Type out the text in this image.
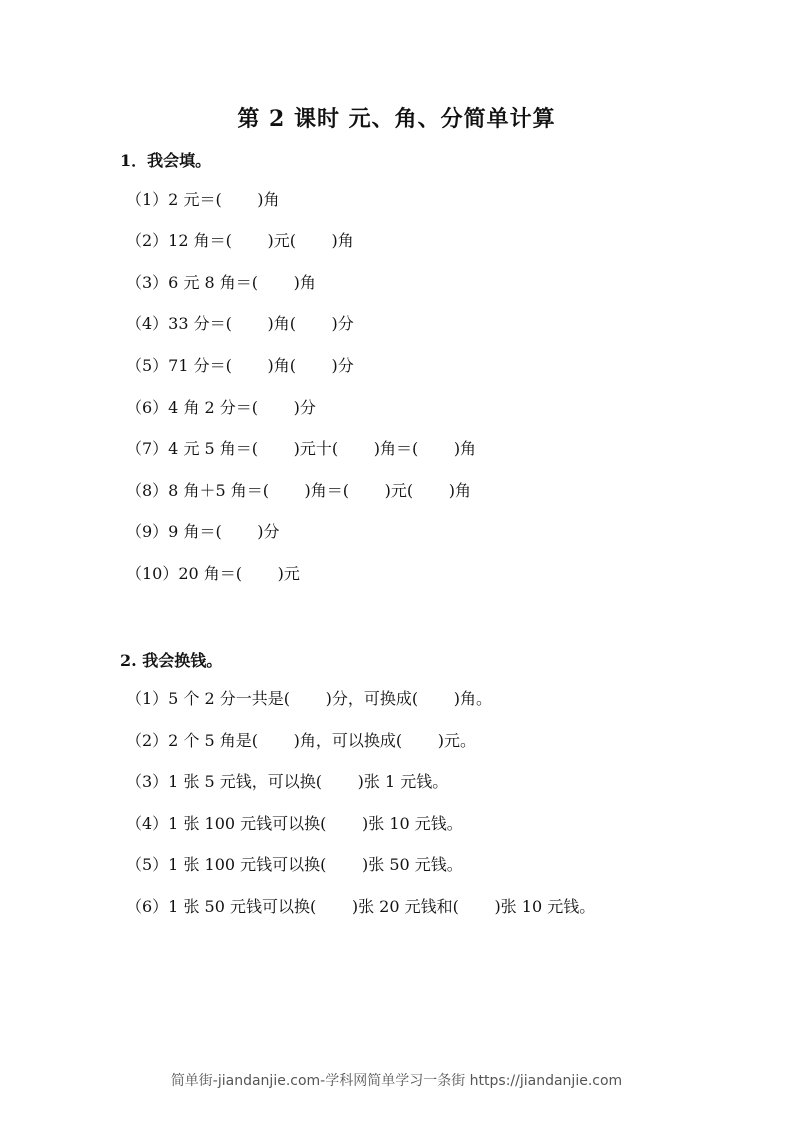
第 2 课时 元、角、分简单计算
1．我会填。
（1）2 元＝(       )角
（2）12 角＝(       )元(       )角
（3）6 元 8 角＝(       )角
（4）33 分＝(       )角(       )分
（5）71 分＝(       )角(       )分
（6）4 角 2 分＝(       )分
（7）4 元 5 角＝(       )元十(       )角＝(       )角
（8）8 角＋5 角＝(       )角＝(       )元(       )角
（9）9 角＝(       )分
（10）20 角＝(       )元
2. 我会换钱。
（1）5 个 2 分一共是(       )分，可换成(       )角。
（2）2 个 5 角是(       )角，可以换成(       )元。
（3）1 张 5 元钱，可以换(       )张 1 元钱。
（4）1 张 100 元钱可以换(       )张 10 元钱。
（5）1 张 100 元钱可以换(       )张 50 元钱。
（6）1 张 50 元钱可以换(       )张 20 元钱和(       )张 10 元钱。
简单街-jiandanjie.com-学科网简单学习一条街 https://jiandanjie.com
